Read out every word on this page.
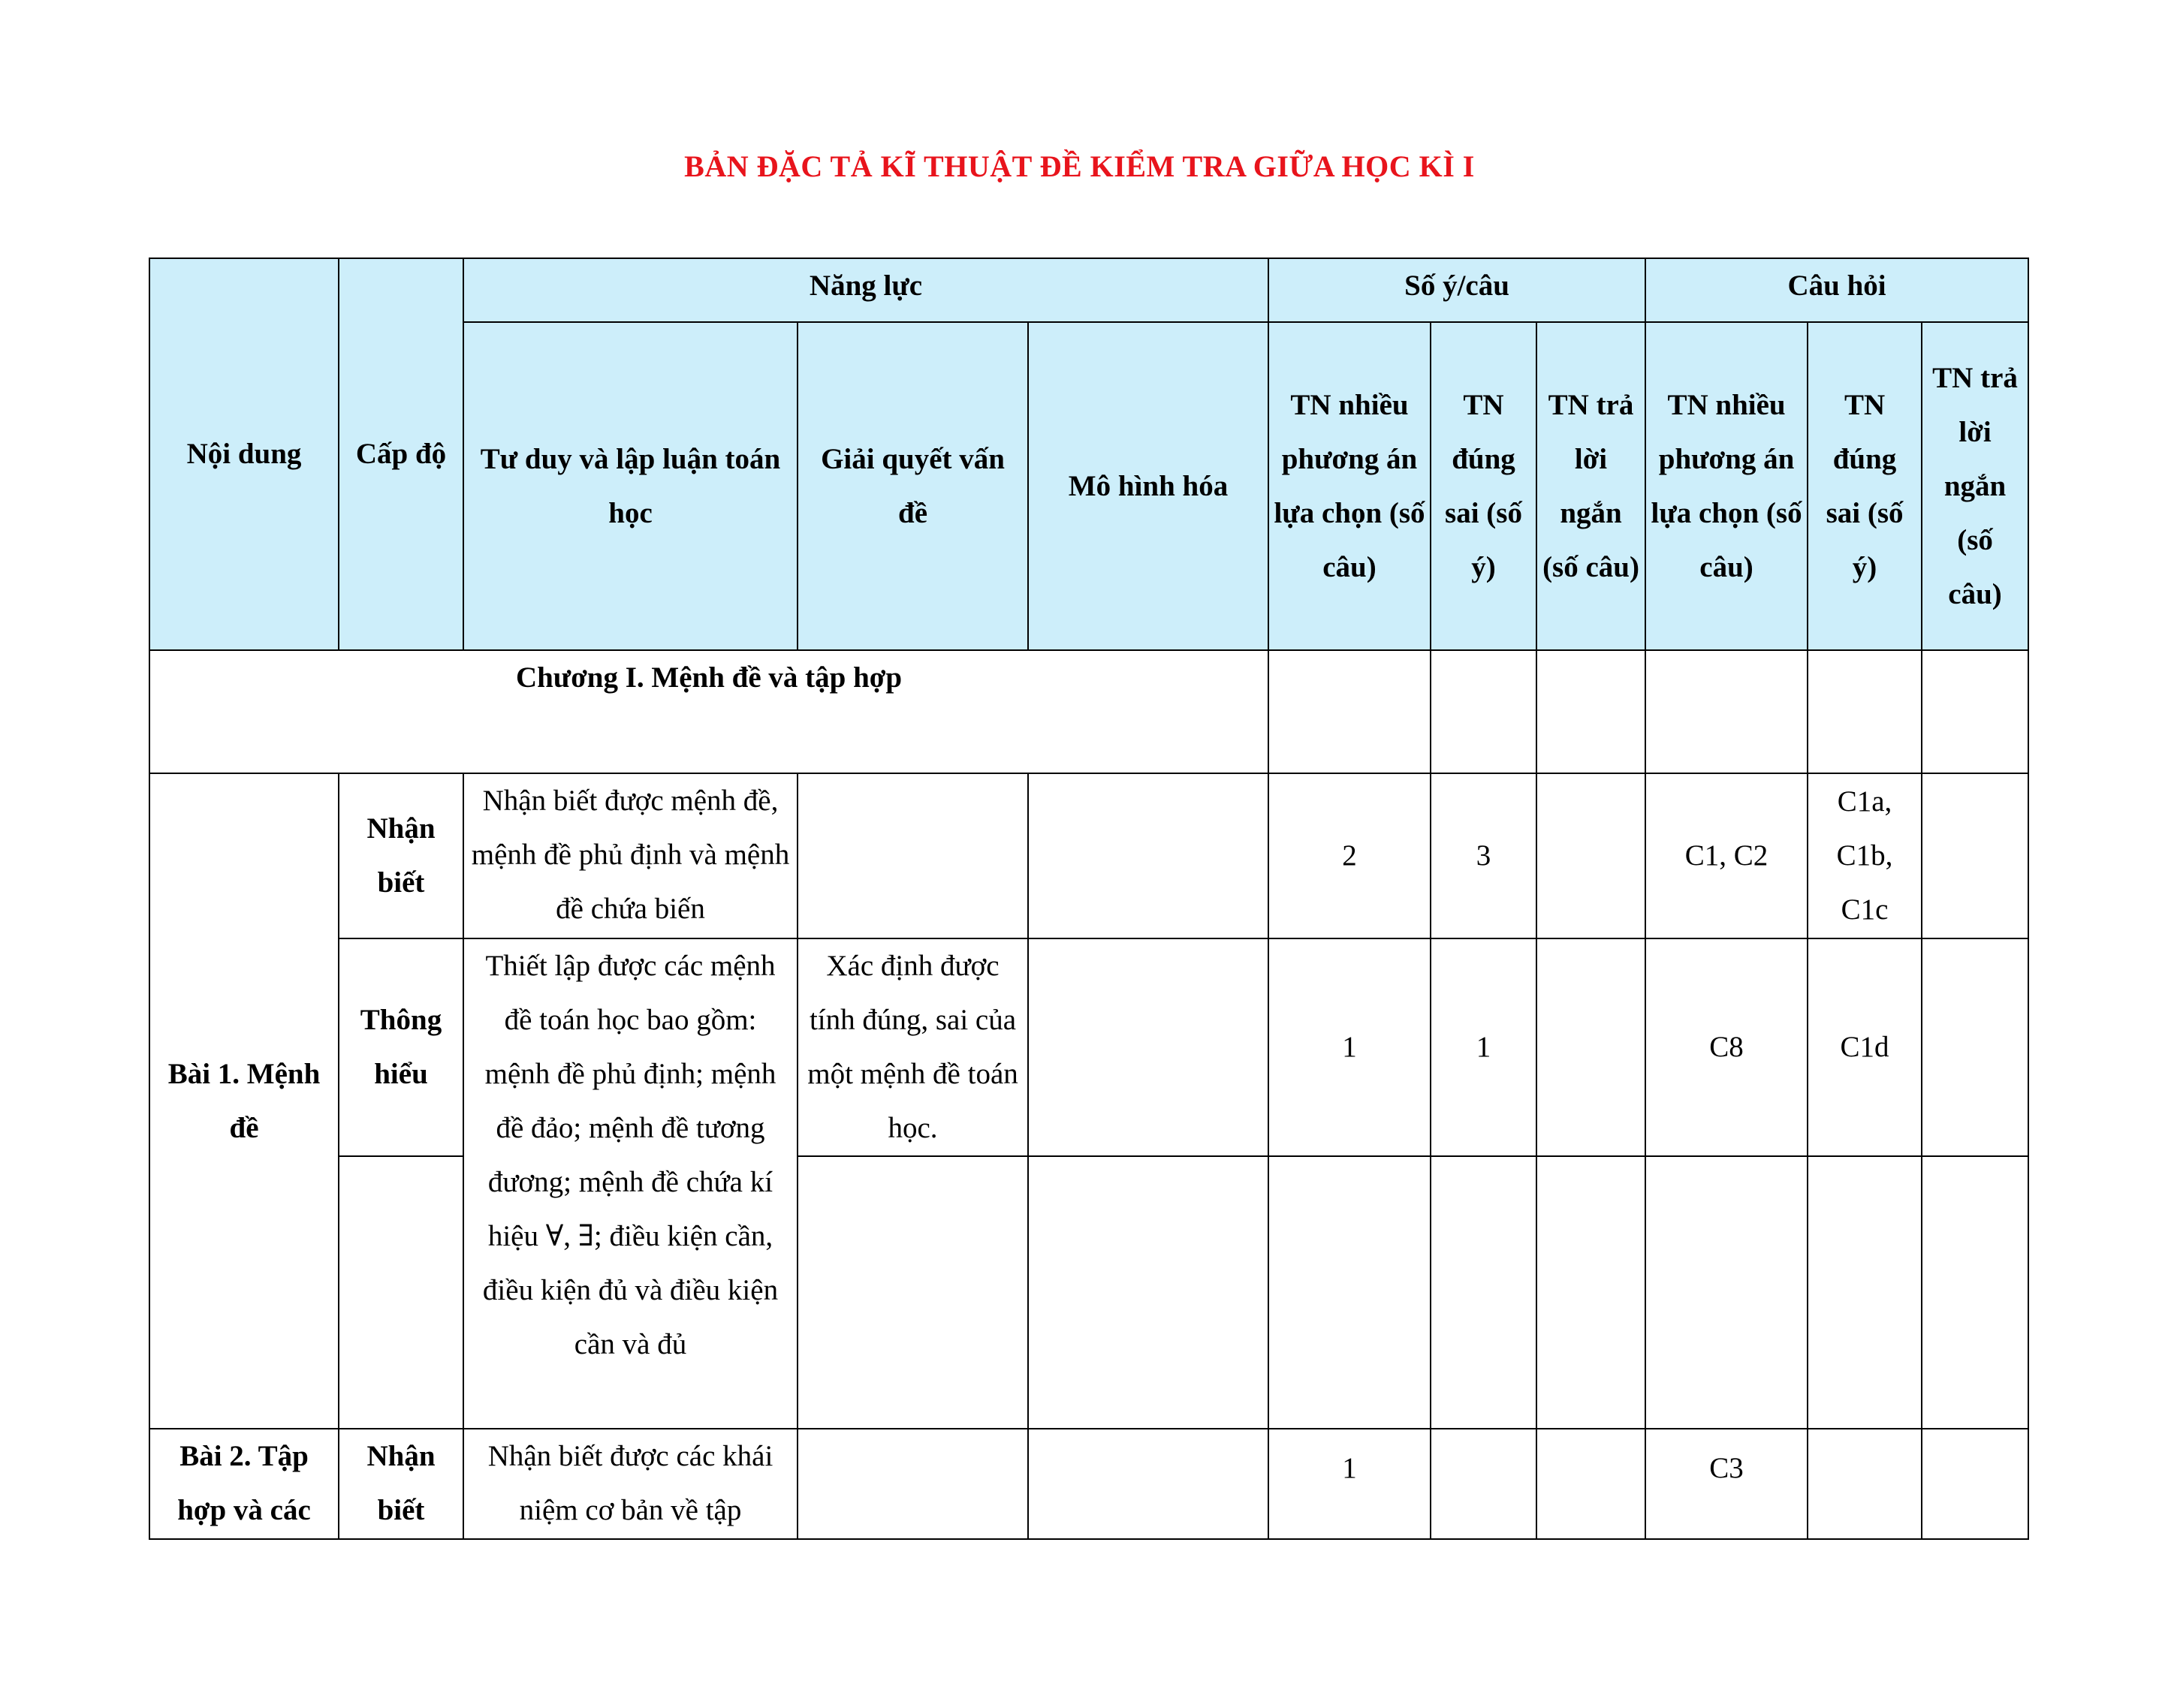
BẢN ĐẶC TẢ KĨ THUẬT ĐỀ KIỂM TRA GIỮA HỌC KÌ I
Nội dung	Cấp độ	Năng lực			Số ý/câu			Câu hỏi		
		Tư duy và lập luận toán học	Giải quyết vấn đề	Mô hình hóa	TN nhiều phương án lựa chọn (số câu)	TN đúng sai (số ý)	TN trả lời ngắn (số câu)	TN nhiều phương án lựa chọn (số câu)	TN đúng sai (số ý)	TN trả lời ngắn (số câu)
Chương I. Mệnh đề và tập hợp										
Bài 1. Mệnh đề	Nhận biết	Nhận biết được mệnh đề, mệnh đề phủ định và mệnh đề chứa biến			2	3		C1, C2	C1a, C1b, C1c	
	Thông hiểu	Thiết lập được các mệnh đề toán học bao gồm: mệnh đề phủ định; mệnh đề đảo; mệnh đề tương đương; mệnh đề chứa kí hiệu ∀, ∃; điều kiện cần, điều kiện đủ và điều kiện cần và đủ	Xác định được tính đúng, sai của một mệnh đề toán học.		1	1		C8	C1d	

Bài 2. Tập hợp và các	Nhận biết	Nhận biết được các khái niệm cơ bản về tập			1			C3		
